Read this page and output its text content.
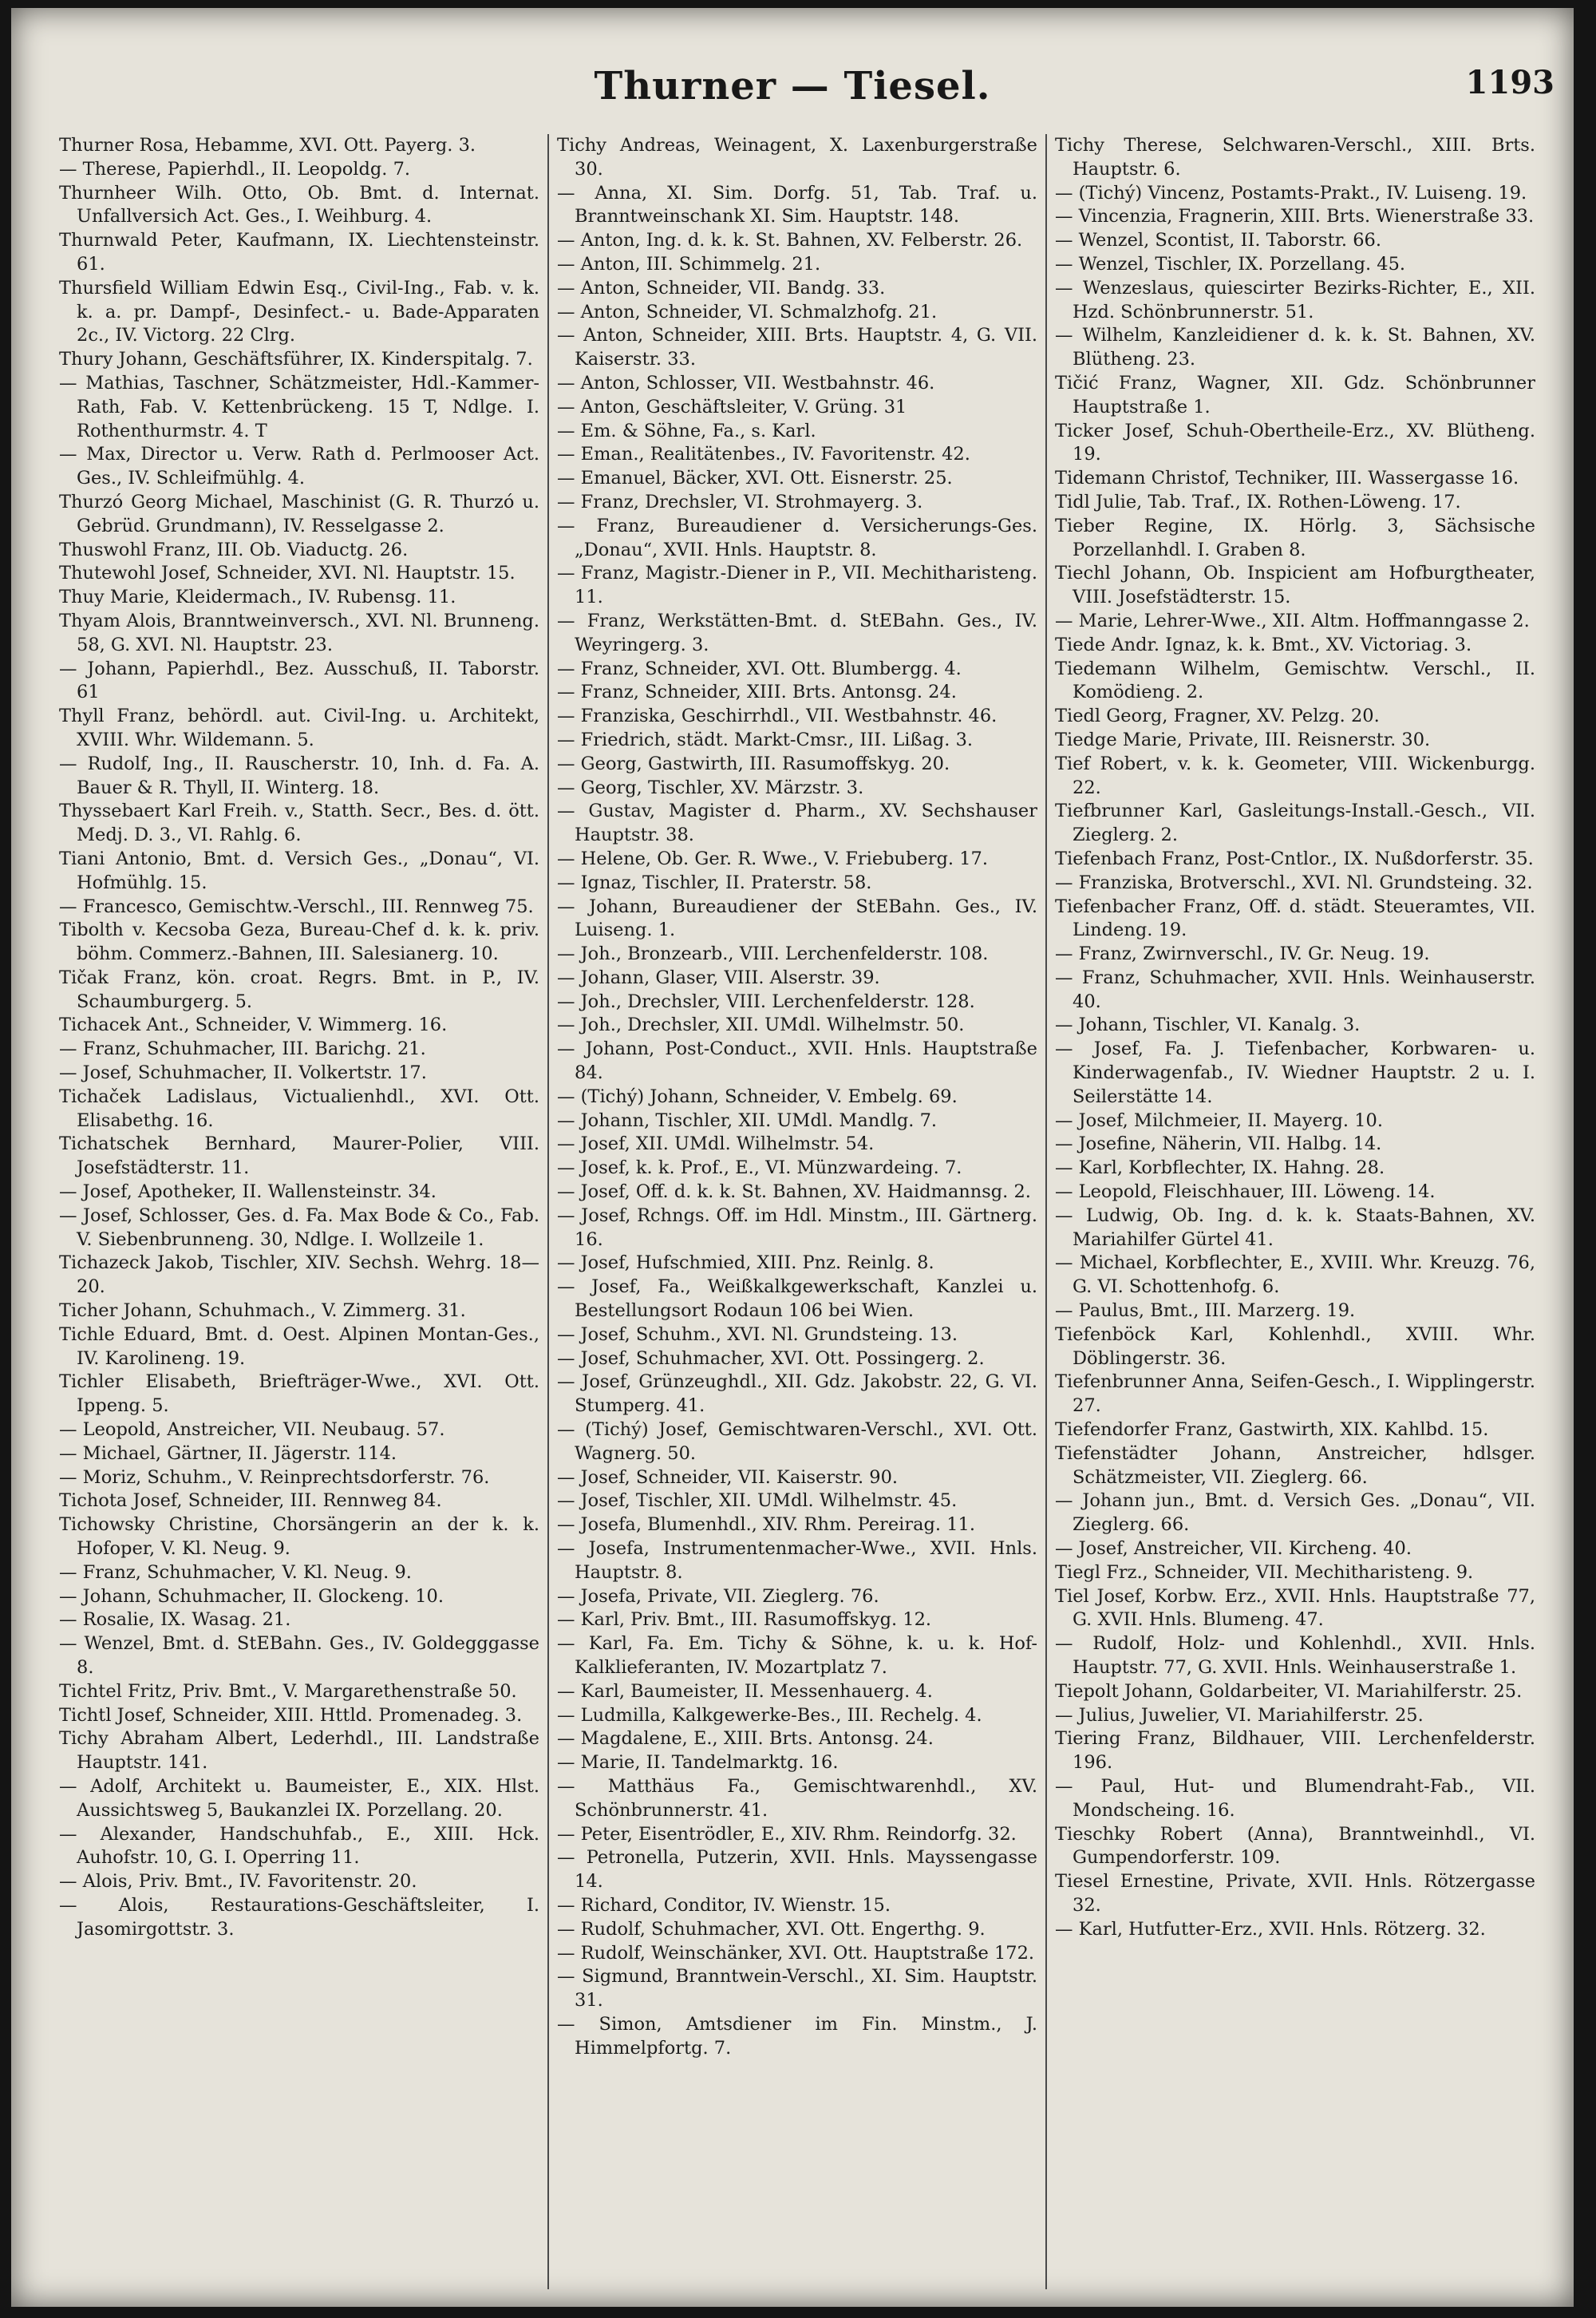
Thurner — Tiesel.	1193

Thurner Rosa, Hebamme, XVI. Ott. Payerg. 3.

— Therese, Papierhdl., II. Leopoldg. 7.

Thurnheer Wilh. Otto, Ob. Bmt. d. Internat. Unfallversich Act. Ges., I. Weihburg. 4.

Thurnwald Peter, Kaufmann, IX. Liechtensteinstr. 61.

Thursfield William Edwin Esq., Civil-Ing., Fab. v. k. k. a. pr. Dampf-, Desinfect.- u. Bade-Apparaten 2c., IV. Victorg. 22 Clrg.

Thury Johann, Geschäftsführer, IX. Kinderspitalg. 7.

— Mathias, Taschner, Schätzmeister, Hdl.-Kammer-Rath, Fab. V. Kettenbrückeng. 15 T, Ndlge. I. Rothenthurmstr. 4. T

— Max, Director u. Verw. Rath d. Perlmooser Act. Ges., IV. Schleifmühlg. 4.

Thurzó Georg Michael, Maschinist (G. R. Thurzó u. Gebrüd. Grundmann), IV. Resselgasse 2.

Thuswohl Franz, III. Ob. Viaductg. 26.

Thutewohl Josef, Schneider, XVI. Nl. Hauptstr. 15.

Thuy Marie, Kleidermach., IV. Rubensg. 11.

Thyam Alois, Branntweinversch., XVI. Nl. Brunneng. 58, G. XVI. Nl. Hauptstr. 23.

— Johann, Papierhdl., Bez. Ausschuß, II. Taborstr. 61

Thyll Franz, behördl. aut. Civil-Ing. u. Architekt, XVIII. Whr. Wildemann. 5.

— Rudolf, Ing., II. Rauscherstr. 10, Inh. d. Fa. A. Bauer & R. Thyll, II. Winterg. 18.

Thyssebaert Karl Freih. v., Statth. Secr., Bes. d. ött. Medj. D. 3., VI. Rahlg. 6.

Tiani Antonio, Bmt. d. Versich Ges., „Donau“, VI. Hofmühlg. 15.

— Francesco, Gemischtw.-Verschl., III. Rennweg 75.

Tibolth v. Kecsoba Geza, Bureau-Chef d. k. k. priv. böhm. Commerz.-Bahnen, III. Salesianerg. 10.

Tičak Franz, kön. croat. Regrs. Bmt. in P., IV. Schaumburgerg. 5.

Tichacek Ant., Schneider, V. Wimmerg. 16.

— Franz, Schuhmacher, III. Barichg. 21.

— Josef, Schuhmacher, II. Volkertstr. 17.

Tichaček Ladislaus, Victualienhdl., XVI. Ott. Elisabethg. 16.

Tichatschek Bernhard, Maurer-Polier, VIII. Josefstädterstr. 11.

— Josef, Apotheker, II. Wallensteinstr. 34.

— Josef, Schlosser, Ges. d. Fa. Max Bode & Co., Fab. V. Siebenbrunneng. 30, Ndlge. I. Wollzeile 1.

Tichazeck Jakob, Tischler, XIV. Sechsh. Wehrg. 18—20.

Ticher Johann, Schuhmach., V. Zimmerg. 31.

Tichle Eduard, Bmt. d. Oest. Alpinen Montan-Ges., IV. Karolineng. 19.

Tichler Elisabeth, Briefträger-Wwe., XVI. Ott. Ippeng. 5.

— Leopold, Anstreicher, VII. Neubaug. 57.

— Michael, Gärtner, II. Jägerstr. 114.

— Moriz, Schuhm., V. Reinprechtsdorferstr. 76.

Tichota Josef, Schneider, III. Rennweg 84.

Tichowsky Christine, Chorsängerin an der k. k. Hofoper, V. Kl. Neug. 9.

— Franz, Schuhmacher, V. Kl. Neug. 9.

— Johann, Schuhmacher, II. Glockeng. 10.

— Rosalie, IX. Wasag. 21.

— Wenzel, Bmt. d. StEBahn. Ges., IV. Goldegggasse 8.

Tichtel Fritz, Priv. Bmt., V. Margarethenstraße 50.

Tichtl Josef, Schneider, XIII. Httld. Promenadeg. 3.

Tichy Abraham Albert, Lederhdl., III. Landstraße Hauptstr. 141.

— Adolf, Architekt u. Baumeister, E., XIX. Hlst. Aussichtsweg 5, Baukanzlei IX. Porzellang. 20.

— Alexander, Handschuhfab., E., XIII. Hck. Auhofstr. 10, G. I. Operring 11.

— Alois, Priv. Bmt., IV. Favoritenstr. 20.

— Alois, Restaurations-Geschäftsleiter, I. Jasomirgottstr. 3.

Tichy Andreas, Weinagent, X. Laxenburgerstraße 30.

— Anna, XI. Sim. Dorfg. 51, Tab. Traf. u. Branntweinschank XI. Sim. Hauptstr. 148.

— Anton, Ing. d. k. k. St. Bahnen, XV. Felberstr. 26.

— Anton, III. Schimmelg. 21.

— Anton, Schneider, VII. Bandg. 33.

— Anton, Schneider, VI. Schmalzhofg. 21.

— Anton, Schneider, XIII. Brts. Hauptstr. 4, G. VII. Kaiserstr. 33.

— Anton, Schlosser, VII. Westbahnstr. 46.

— Anton, Geschäftsleiter, V. Grüng. 31

— Em. & Söhne, Fa., s. Karl.

— Eman., Realitätenbes., IV. Favoritenstr. 42.

— Emanuel, Bäcker, XVI. Ott. Eisnerstr. 25.

— Franz, Drechsler, VI. Strohmayerg. 3.

— Franz, Bureaudiener d. Versicherungs-Ges. „Donau“, XVII. Hnls. Hauptstr. 8.

— Franz, Magistr.-Diener in P., VII. Mechitharisteng. 11.

— Franz, Werkstätten-Bmt. d. StEBahn. Ges., IV. Weyringerg. 3.

— Franz, Schneider, XVI. Ott. Blumbergg. 4.

— Franz, Schneider, XIII. Brts. Antonsg. 24.

— Franziska, Geschirrhdl., VII. Westbahnstr. 46.

— Friedrich, städt. Markt-Cmsr., III. Lißag. 3.

— Georg, Gastwirth, III. Rasumoffskyg. 20.

— Georg, Tischler, XV. Märzstr. 3.

— Gustav, Magister d. Pharm., XV. Sechshauser Hauptstr. 38.

— Helene, Ob. Ger. R. Wwe., V. Friebuberg. 17.

— Ignaz, Tischler, II. Praterstr. 58.

— Johann, Bureaudiener der StEBahn. Ges., IV. Luiseng. 1.

— Joh., Bronzearb., VIII. Lerchenfelderstr. 108.

— Johann, Glaser, VIII. Alserstr. 39.

— Joh., Drechsler, VIII. Lerchenfelderstr. 128.

— Joh., Drechsler, XII. UMdl. Wilhelmstr. 50.

— Johann, Post-Conduct., XVII. Hnls. Hauptstraße 84.

— (Tichý) Johann, Schneider, V. Embelg. 69.

— Johann, Tischler, XII. UMdl. Mandlg. 7.

— Josef, XII. UMdl. Wilhelmstr. 54.

— Josef, k. k. Prof., E., VI. Münzwardeing. 7.

— Josef, Off. d. k. k. St. Bahnen, XV. Haidmannsg. 2.

— Josef, Rchngs. Off. im Hdl. Minstm., III. Gärtnerg. 16.

— Josef, Hufschmied, XIII. Pnz. Reinlg. 8.

— Josef, Fa., Weißkalkgewerkschaft, Kanzlei u. Bestellungsort Rodaun 106 bei Wien.

— Josef, Schuhm., XVI. Nl. Grundsteing. 13.

— Josef, Schuhmacher, XVI. Ott. Possingerg. 2.

— Josef, Grünzeughdl., XII. Gdz. Jakobstr. 22, G. VI. Stumperg. 41.

— (Tichý) Josef, Gemischtwaren-Verschl., XVI. Ott. Wagnerg. 50.

— Josef, Schneider, VII. Kaiserstr. 90.

— Josef, Tischler, XII. UMdl. Wilhelmstr. 45.

— Josefa, Blumenhdl., XIV. Rhm. Pereirag. 11.

— Josefa, Instrumentenmacher-Wwe., XVII. Hnls. Hauptstr. 8.

— Josefa, Private, VII. Zieglerg. 76.

— Karl, Priv. Bmt., III. Rasumoffskyg. 12.

— Karl, Fa. Em. Tichy & Söhne, k. u. k. Hof-Kalklieferanten, IV. Mozartplatz 7.

— Karl, Baumeister, II. Messenhauerg. 4.

— Ludmilla, Kalkgewerke-Bes., III. Rechelg. 4.

— Magdalene, E., XIII. Brts. Antonsg. 24.

— Marie, II. Tandelmarktg. 16.

— Matthäus Fa., Gemischtwarenhdl., XV. Schönbrunnerstr. 41.

— Peter, Eisentrödler, E., XIV. Rhm. Reindorfg. 32.

— Petronella, Putzerin, XVII. Hnls. Mayssengasse 14.

— Richard, Conditor, IV. Wienstr. 15.

— Rudolf, Schuhmacher, XVI. Ott. Engerthg. 9.

— Rudolf, Weinschänker, XVI. Ott. Hauptstraße 172.

— Sigmund, Branntwein-Verschl., XI. Sim. Hauptstr. 31.

— Simon, Amtsdiener im Fin. Minstm., J. Himmelpfortg. 7.

Tichy Therese, Selchwaren-Verschl., XIII. Brts. Hauptstr. 6.

— (Tichý) Vincenz, Postamts-Prakt., IV. Luiseng. 19.

— Vincenzia, Fragnerin, XIII. Brts. Wienerstraße 33.

— Wenzel, Scontist, II. Taborstr. 66.

— Wenzel, Tischler, IX. Porzellang. 45.

— Wenzeslaus, quiescirter Bezirks-Richter, E., XII. Hzd. Schönbrunnerstr. 51.

— Wilhelm, Kanzleidiener d. k. k. St. Bahnen, XV. Blütheng. 23.

Tičić Franz, Wagner, XII. Gdz. Schönbrunner Hauptstraße 1.

Ticker Josef, Schuh-Obertheile-Erz., XV. Blütheng. 19.

Tidemann Christof, Techniker, III. Wassergasse 16.

Tidl Julie, Tab. Traf., IX. Rothen-Löweng. 17.

Tieber Regine, IX. Hörlg. 3, Sächsische Porzellanhdl. I. Graben 8.

Tiechl Johann, Ob. Inspicient am Hofburgtheater, VIII. Josefstädterstr. 15.

— Marie, Lehrer-Wwe., XII. Altm. Hoffmanngasse 2.

Tiede Andr. Ignaz, k. k. Bmt., XV. Victoriag. 3.

Tiedemann Wilhelm, Gemischtw. Verschl., II. Komödieng. 2.

Tiedl Georg, Fragner, XV. Pelzg. 20.

Tiedge Marie, Private, III. Reisnerstr. 30.

Tief Robert, v. k. k. Geometer, VIII. Wickenburgg. 22.

Tiefbrunner Karl, Gasleitungs-Install.-Gesch., VII. Zieglerg. 2.

Tiefenbach Franz, Post-Cntlor., IX. Nußdorferstr. 35.

— Franziska, Brotverschl., XVI. Nl. Grundsteing. 32.

Tiefenbacher Franz, Off. d. städt. Steueramtes, VII. Lindeng. 19.

— Franz, Zwirnverschl., IV. Gr. Neug. 19.

— Franz, Schuhmacher, XVII. Hnls. Weinhauserstr. 40.

— Johann, Tischler, VI. Kanalg. 3.

— Josef, Fa. J. Tiefenbacher, Korbwaren- u. Kinderwagenfab., IV. Wiedner Hauptstr. 2 u. I. Seilerstätte 14.

— Josef, Milchmeier, II. Mayerg. 10.

— Josefine, Näherin, VII. Halbg. 14.

— Karl, Korbflechter, IX. Hahng. 28.

— Leopold, Fleischhauer, III. Löweng. 14.

— Ludwig, Ob. Ing. d. k. k. Staats-Bahnen, XV. Mariahilfer Gürtel 41.

— Michael, Korbflechter, E., XVIII. Whr. Kreuzg. 76, G. VI. Schottenhofg. 6.

— Paulus, Bmt., III. Marzerg. 19.

Tiefenböck Karl, Kohlenhdl., XVIII. Whr. Döblingerstr. 36.

Tiefenbrunner Anna, Seifen-Gesch., I. Wipplingerstr. 27.

Tiefendorfer Franz, Gastwirth, XIX. Kahlbd. 15.

Tiefenstädter Johann, Anstreicher, hdlsger. Schätzmeister, VII. Zieglerg. 66.

— Johann jun., Bmt. d. Versich Ges. „Donau“, VII. Zieglerg. 66.

— Josef, Anstreicher, VII. Kircheng. 40.

Tiegl Frz., Schneider, VII. Mechitharisteng. 9.

Tiel Josef, Korbw. Erz., XVII. Hnls. Hauptstraße 77, G. XVII. Hnls. Blumeng. 47.

— Rudolf, Holz- und Kohlenhdl., XVII. Hnls. Hauptstr. 77, G. XVII. Hnls. Weinhauserstraße 1.

Tiepolt Johann, Goldarbeiter, VI. Mariahilferstr. 25.

— Julius, Juwelier, VI. Mariahilferstr. 25.

Tiering Franz, Bildhauer, VIII. Lerchenfelderstr. 196.

— Paul, Hut- und Blumendraht-Fab., VII. Mondscheing. 16.

Tieschky Robert (Anna), Branntweinhdl., VI. Gumpendorferstr. 109.

Tiesel Ernestine, Private, XVII. Hnls. Rötzergasse 32.

— Karl, Hutfutter-Erz., XVII. Hnls. Rötzerg. 32.
